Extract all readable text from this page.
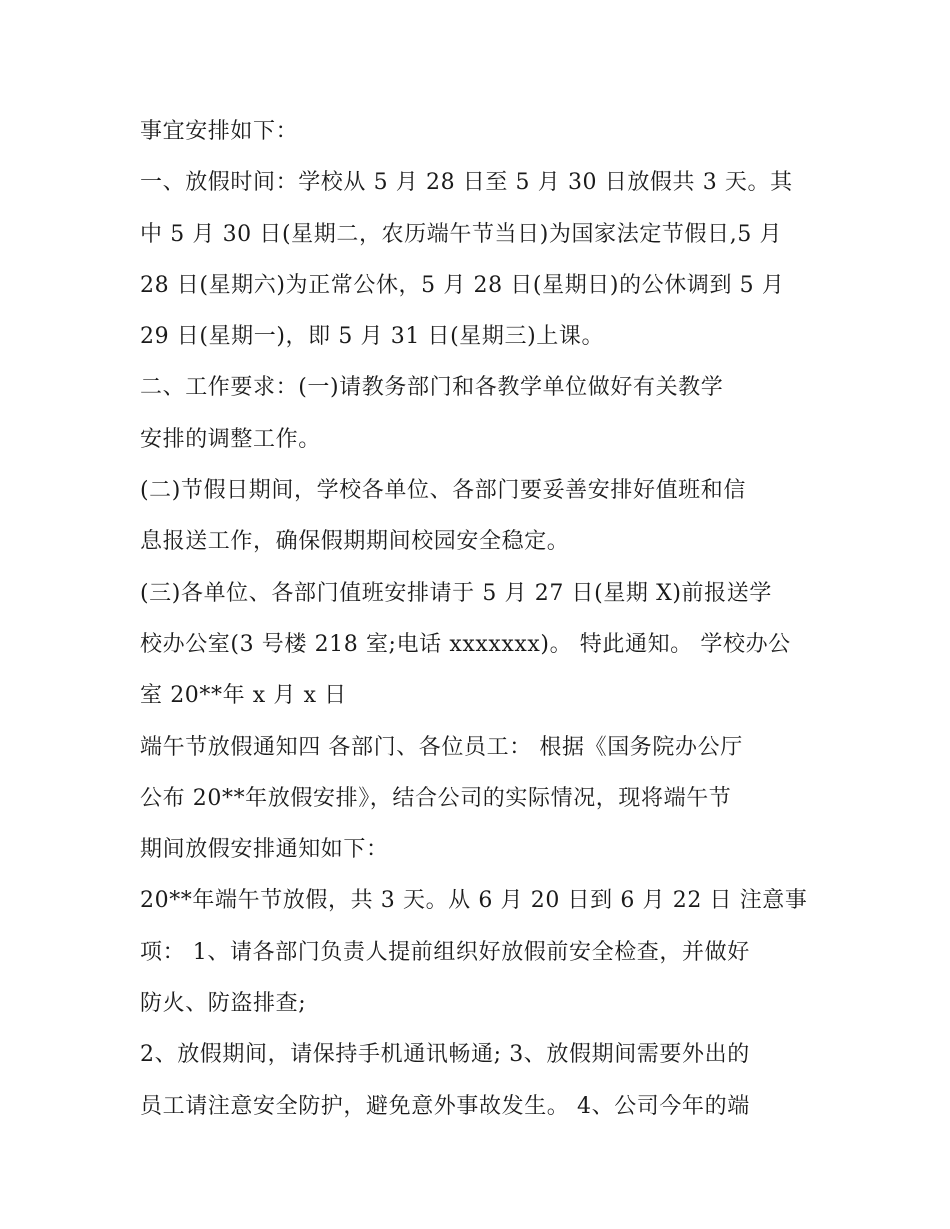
事宜安排如下：
一、放假时间：学校从 5 月 28 日至 5 月 30 日放假共 3 天。其
中 5 月 30 日(星期二，农历端午节当日)为国家法定节假日,5 月
28 日(星期六)为正常公休，5 月 28 日(星期日)的公休调到 5 月
29 日(星期一)，即 5 月 31 日(星期三)上课。
二、工作要求：(一)请教务部门和各教学单位做好有关教学
安排的调整工作。
(二)节假日期间，学校各单位、各部门要妥善安排好值班和信
息报送工作，确保假期期间校园安全稳定。
(三)各单位、各部门值班安排请于 5 月 27 日(星期 X)前报送学
校办公室(3 号楼 218 室;电话 xxxxxxx)。 特此通知。 学校办公
室 20**年 x 月 x 日
端午节放假通知四 各部门、各位员工： 根据《国务院办公厅
公布 20**年放假安排》，结合公司的实际情况，现将端午节
期间放假安排通知如下：
20**年端午节放假，共 3 天。从 6 月 20 日到 6 月 22 日 注意事
项： 1、请各部门负责人提前组织好放假前安全检查，并做好
防火、防盗排查;
2、放假期间，请保持手机通讯畅通; 3、放假期间需要外出的
员工请注意安全防护，避免意外事故发生。 4、公司今年的端
